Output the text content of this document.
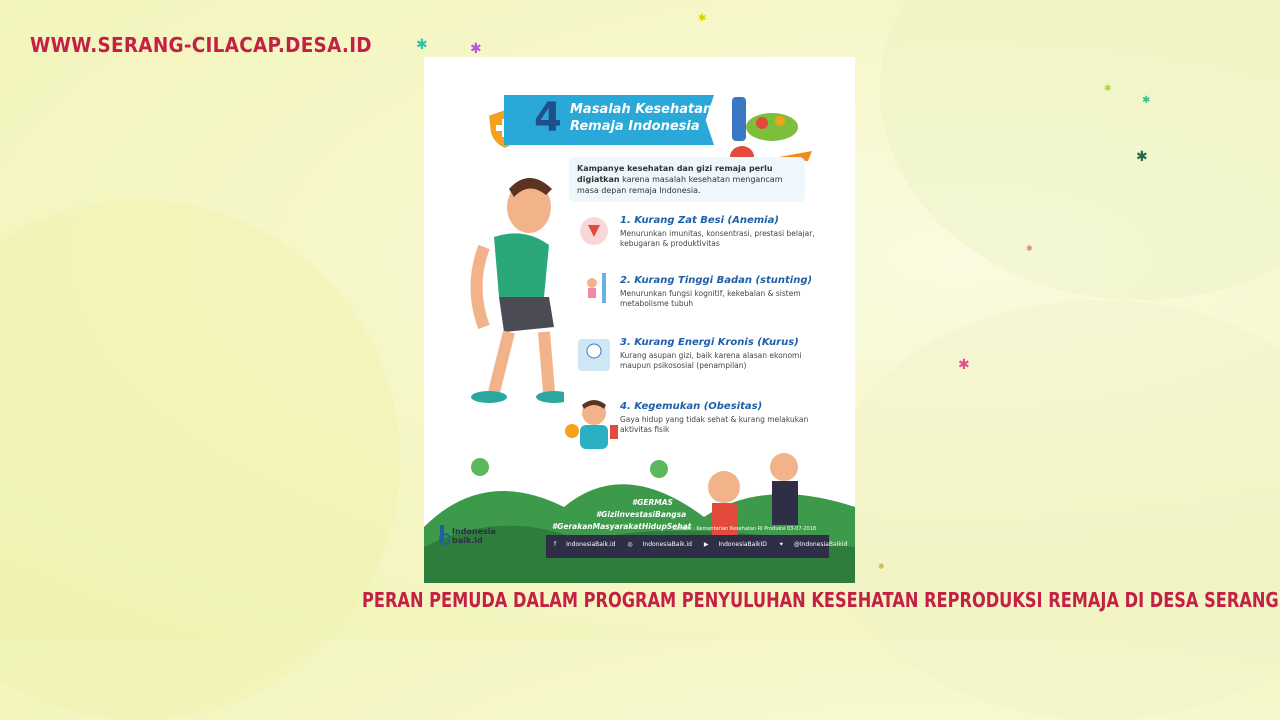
WWW.SERANG-CILACAP.DESA.ID	✱	✱
✱
✱
✱
✱
✱
✱
✱
4 Masalah Kesehatan Remaja Indonesia
Kampanye kesehatan dan gizi remaja perlu digiatkan karena masalah kesehatan mengancam masa depan remaja Indonesia.
1. Kurang Zat Besi (Anemia)
Menurunkan imunitas, konsentrasi, prestasi belajar, kebugaran & produktivitas
2. Kurang Tinggi Badan (stunting)
Menurunkan fungsi kognitif, kekebalan & sistem metabolisme tubuh
3. Kurang Energi Kronis (Kurus)
Kurang asupan gizi, baik karena alasan ekonomi maupun psikososial (penampilan)
4. Kegemukan (Obesitas)
Gaya hidup yang tidak sehat & kurang melakukan aktivitas fisik
#GERMAS
#GiziInvestasiBangsa
#GerakanMasyarakatHidupSehat
Sumber : Kementerian Kesehatan RI Produksi 03-07-2018
Indonesia
baik.id	f IndonesiaBaik.id ◎ IndonesiaBaik.id ▶ IndonesiaBaikID ✦ @IndonesiaBaikid
PERAN PEMUDA DALAM PROGRAM PENYULUHAN KESEHATAN REPRODUKSI REMAJA DI DESA SERANG
